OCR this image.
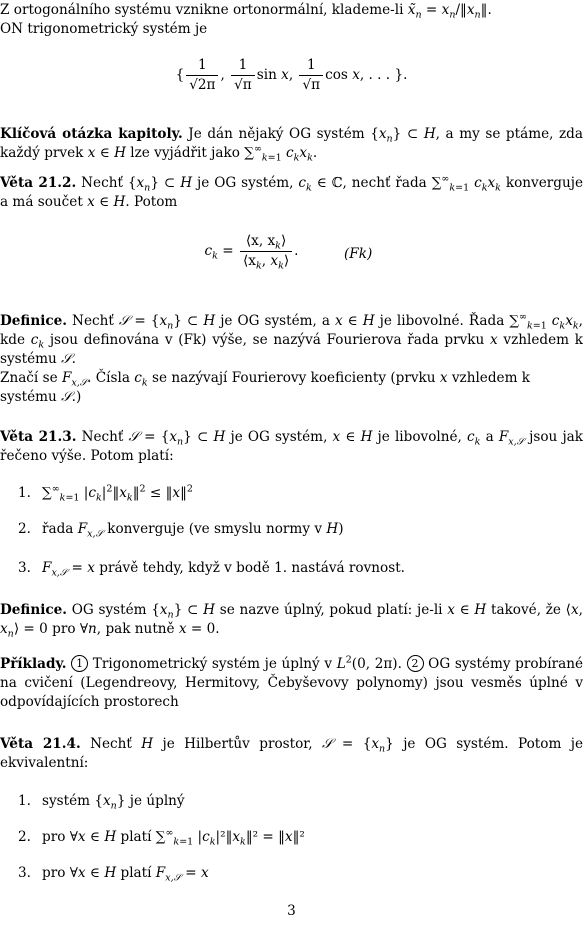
Z ortogonálního systému vznikne ortonormální, klademe-li $x̃_n$ = $x_n/‖x_n‖$.

ON trigonometrický systém je

{ $\frac{1}{√2\pi}$ , $\frac{1}{√\pi}$ sin x, $\frac{1}{√\pi}$ cos x, . . . }.

Klíčová otázka kapitoly. Je dán nějaký OG systém $\{x_n\}$ ⊂ H, a my se ptáme, zda každý prvek x ∈ H lze vyjádřit jako $\sum^\infty_{k=1}$ $c_kx_k$.

Věta 21.2. Nechť $\{x_n\}$ ⊂ H je OG systém, $c_k$ ∈ ℂ, nechť řada $\sum^\infty_{k=1}$ $c_kx_k$ konverguje a má součet x ∈ H. Potom

$c_k = \frac{⟨x, x_k⟩}{⟨x_k, x_k⟩}$ .	(Fk)

Definice. Nechť 𝒮 = $\{x_n\}$ ⊂ H je OG systém, a x ∈ H je libovolné. Řada $\sum^\infty_{k=1}$ $c_kx_k$, kde $c_k$ jsou definována v (Fk) výše, se nazývá Fourierova řada prvku x vzhledem k systému 𝒮.

Značí se $F_{x,𝒮}$. Čísla $c_k$ se nazývají Fourierovy koeficienty (prvku x vzhledem k systému 𝒮.)

Věta 21.3. Nechť 𝒮 = $\{x_n\}$ ⊂ H je OG systém, x ∈ H je libovolné, $c_k$ a $F_{x,𝒮}$ jsou jak řečeno výše. Potom platí:

1. $\sum^\infty_{k=1}$ $|c_k|^2‖x_k‖^2$ ≤ ‖x‖$^2$
2. řada $F_{x,𝒮}$ konverguje (ve smyslu normy v H)
3. $F_{x,𝒮} = x$ právě tehdy, když v bodě 1. nastává rovnost.

Definice. OG systém $\{x_n\}$ ⊂ H se nazve úplný, pokud platí: je-li x ∈ H takové, že ⟨x, $x_n⟩ = 0$ pro ∀n, pak nutně x = 0.

Příklady. 1 Trigonometrický systém je úplný v $L^2(0$, 2π). 2 OG systémy probírané na cvičení (Legendreovy, Hermitovy, Čebyševovy polynomy) jsou vesměs úplné v odpovídajících prostorech

Věta 21.4. Nechť H je Hilbertův prostor, 𝒮 = $\{x_n\}$ je OG systém. Potom je ekvivalentní:

1. systém $\{x_n\}$ je úplný
2. pro ∀x ∈ H platí $\sum^\infty_{k=1}$ $|c_k|^2‖x_k‖^2$ = ‖x‖²
3. pro ∀x ∈ H platí $F_{x,𝒮} = x$
3
